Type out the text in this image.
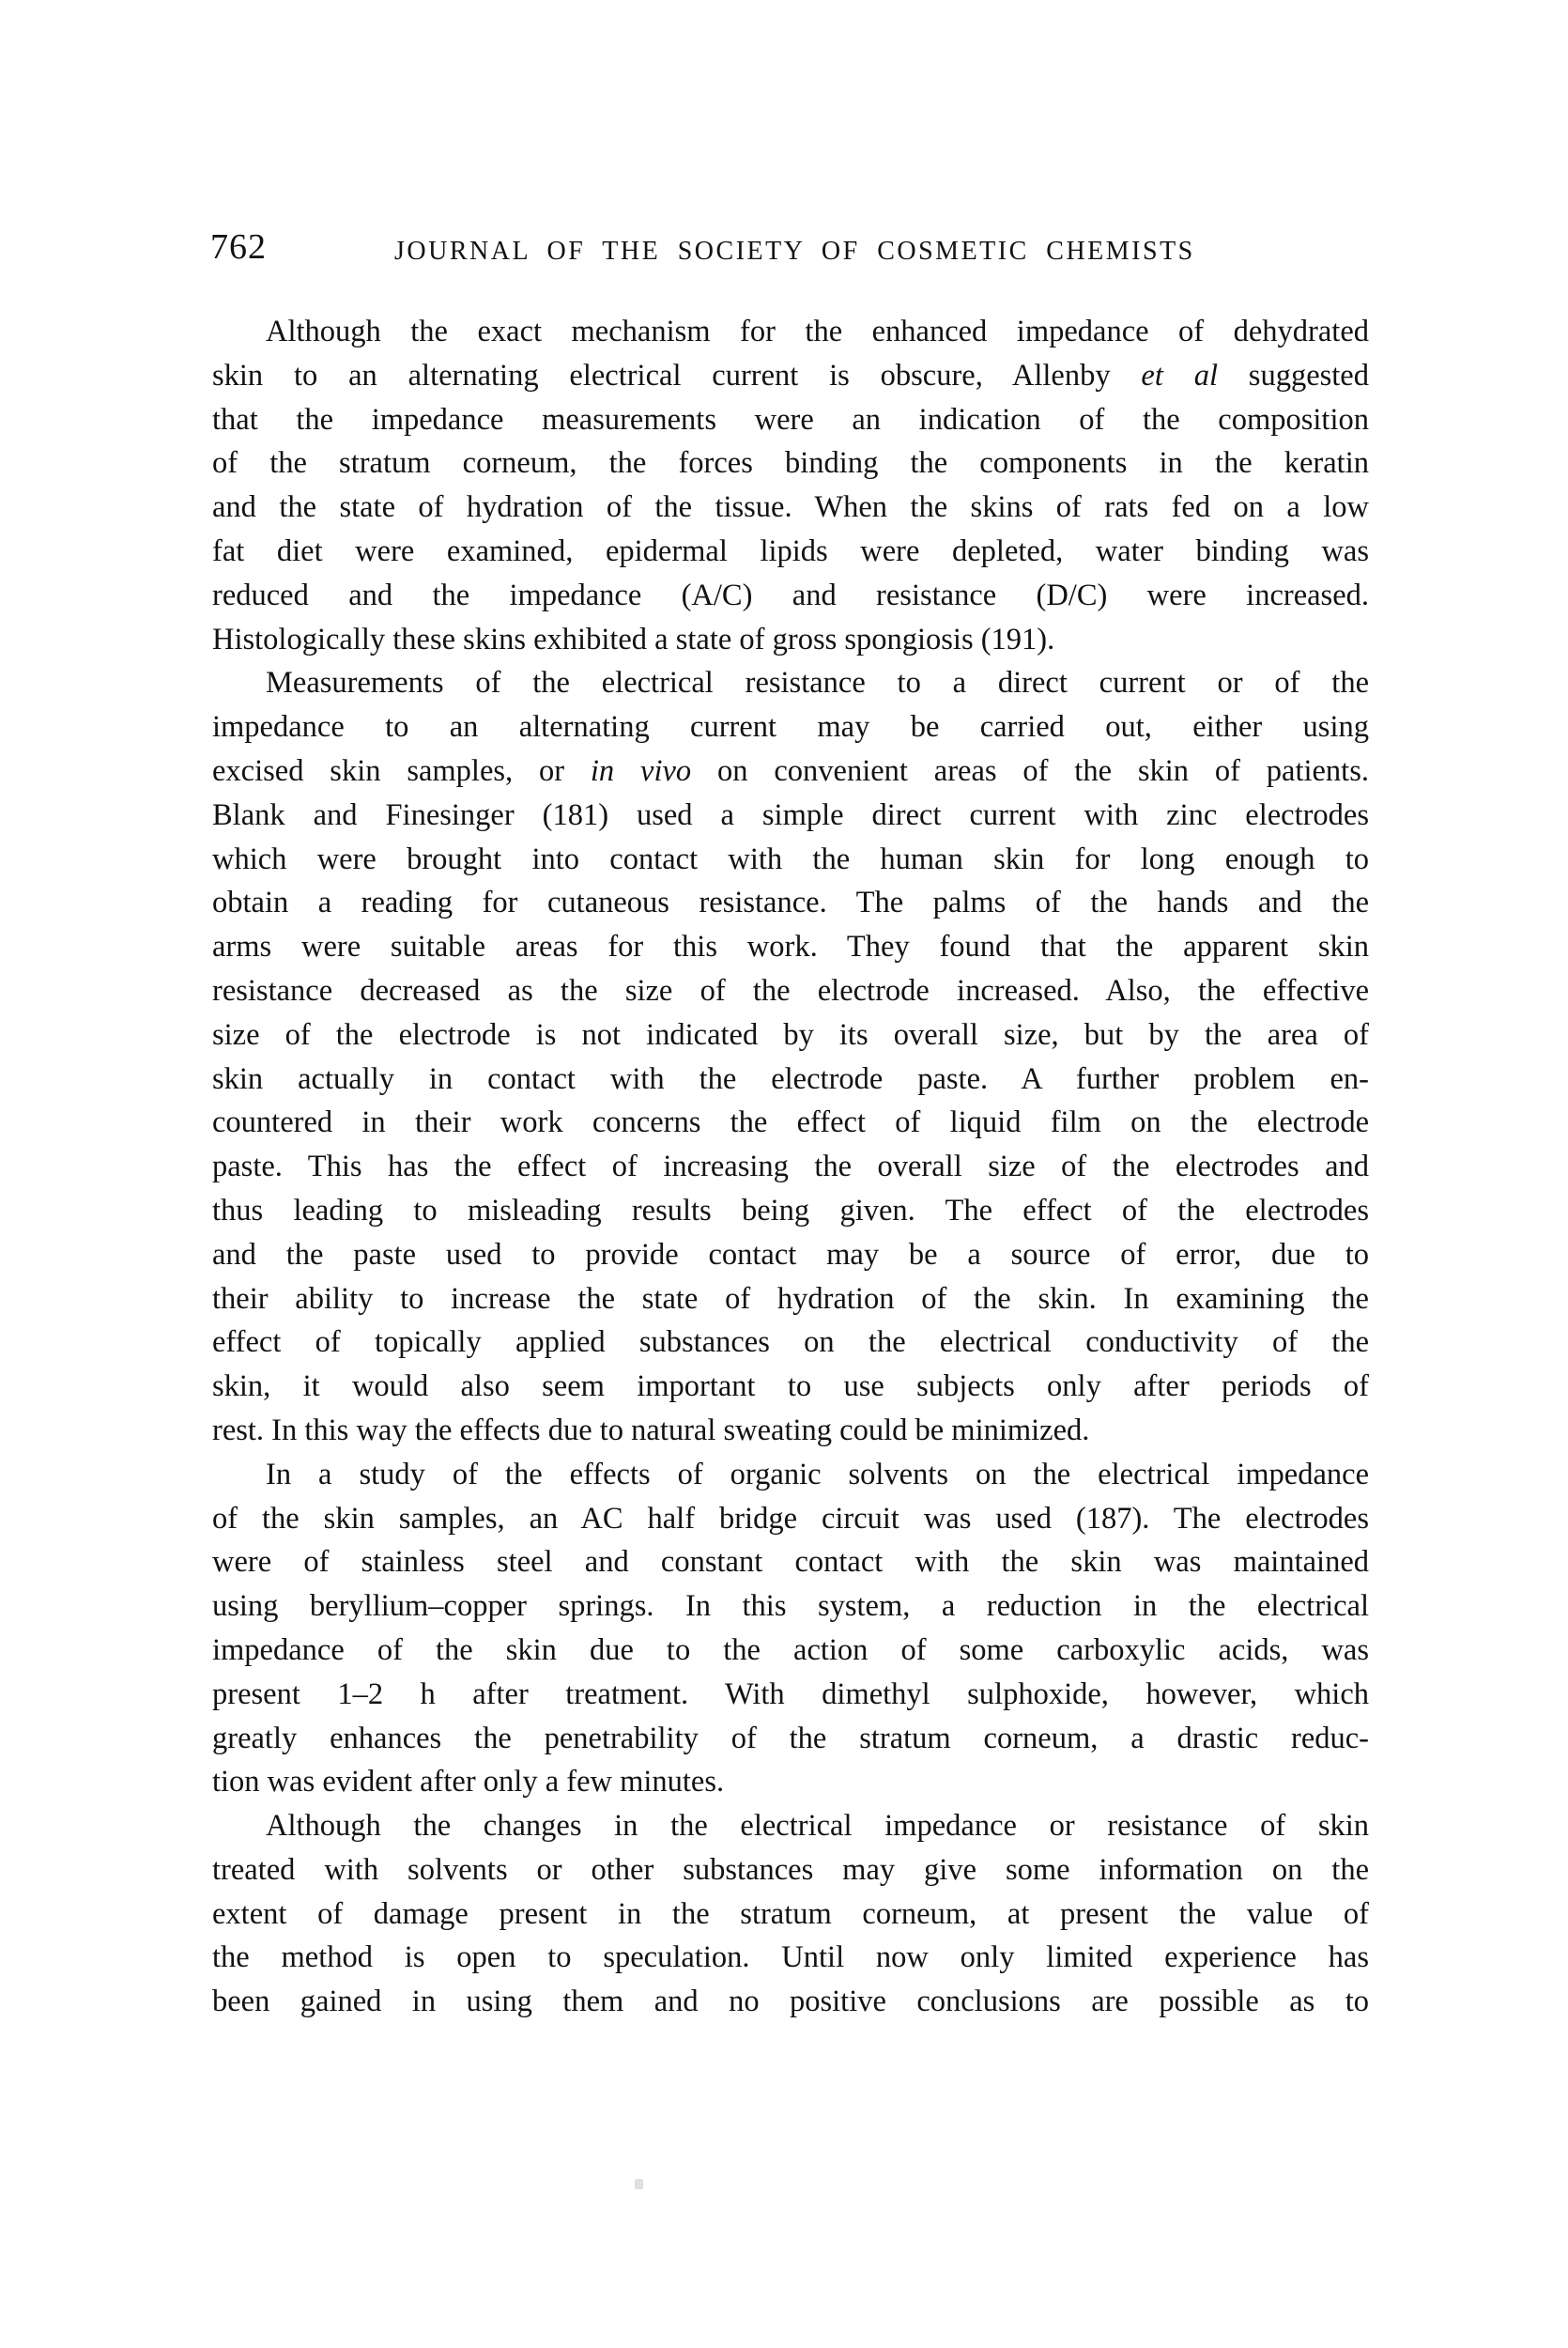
762	JOURNAL OF THE SOCIETY OF COSMETIC CHEMISTS
Although the exact mechanism for the enhanced impedance of dehydrated
skin to an alternating electrical current is obscure, Allenby et al suggested
that the impedance measurements were an indication of the composition
of the stratum corneum, the forces binding the components in the keratin
and the state of hydration of the tissue. When the skins of rats fed on a low
fat diet were examined, epidermal lipids were depleted, water binding was
reduced and the impedance (A/C) and resistance (D/C) were increased.
Histologically these skins exhibited a state of gross spongiosis (191).
Measurements of the electrical resistance to a direct current or of the
impedance to an alternating current may be carried out, either using
excised skin samples, or in vivo on convenient areas of the skin of patients.
Blank and Finesinger (181) used a simple direct current with zinc electrodes
which were brought into contact with the human skin for long enough to
obtain a reading for cutaneous resistance. The palms of the hands and the
arms were suitable areas for this work. They found that the apparent skin
resistance decreased as the size of the electrode increased. Also, the effective
size of the electrode is not indicated by its overall size, but by the area of
skin actually in contact with the electrode paste. A further problem en-
countered in their work concerns the effect of liquid film on the electrode
paste. This has the effect of increasing the overall size of the electrodes and
thus leading to misleading results being given. The effect of the electrodes
and the paste used to provide contact may be a source of error, due to
their ability to increase the state of hydration of the skin. In examining the
effect of topically applied substances on the electrical conductivity of the
skin, it would also seem important to use subjects only after periods of
rest. In this way the effects due to natural sweating could be minimized.
In a study of the effects of organic solvents on the electrical impedance
of the skin samples, an AC half bridge circuit was used (187). The electrodes
were of stainless steel and constant contact with the skin was maintained
using beryllium–copper springs. In this system, a reduction in the electrical
impedance of the skin due to the action of some carboxylic acids, was
present 1–2 h after treatment. With dimethyl sulphoxide, however, which
greatly enhances the penetrability of the stratum corneum, a drastic reduc-
tion was evident after only a few minutes.
Although the changes in the electrical impedance or resistance of skin
treated with solvents or other substances may give some information on the
extent of damage present in the stratum corneum, at present the value of
the method is open to speculation. Until now only limited experience has
been gained in using them and no positive conclusions are possible as to
